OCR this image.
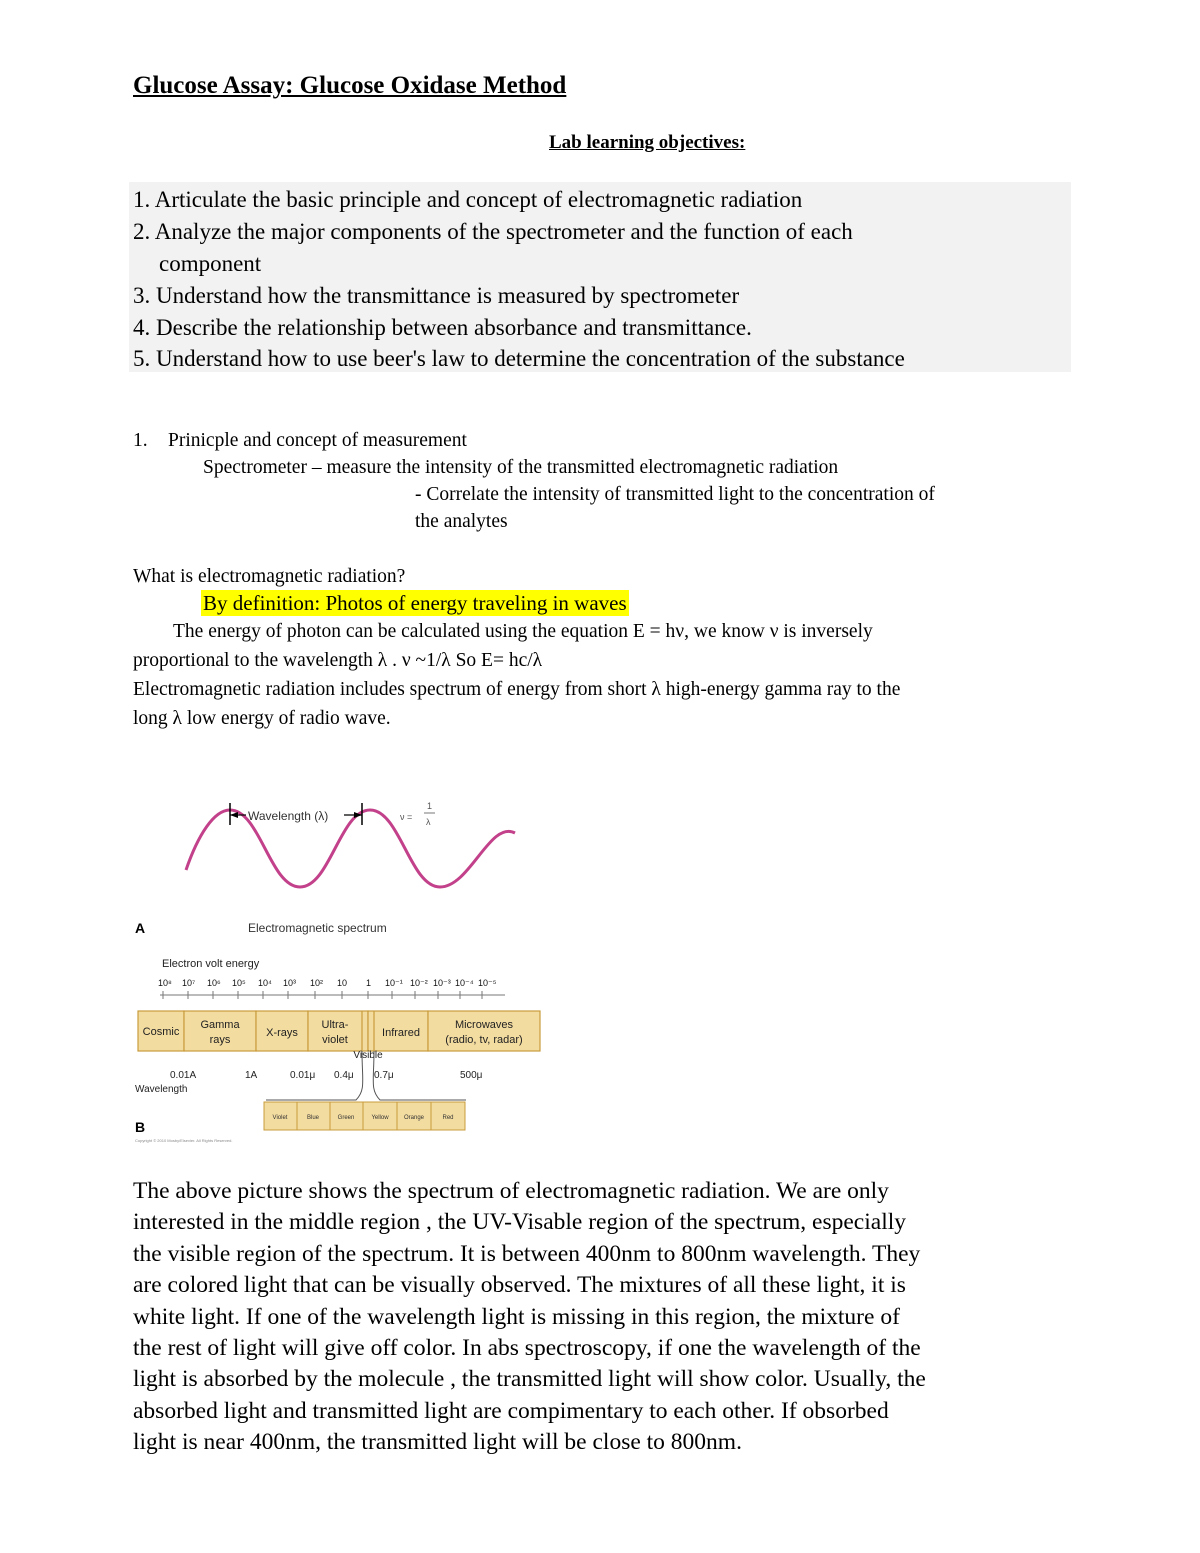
Glucose Assay: Glucose Oxidase Method
Lab learning objectives:
1. Articulate the basic principle and concept of electromagnetic radiation
2. Analyze the major components of the spectrometer and the function of each
component
3. Understand how the transmittance is measured by spectrometer
4. Describe the relationship between absorbance and transmittance.
5. Understand how to use beer's law to determine the concentration of the substance
1. Prinicple and concept of measurement
Spectrometer – measure the intensity of the transmitted electromagnetic radiation
- Correlate the intensity of transmitted light to the concentration of
the analytes
What is electromagnetic radiation?
By definition: Photos of energy traveling in waves
The energy of photon can be calculated using the equation E = hν, we know ν is inversely
proportional to the wavelength λ . ν ~1/λ So E= hc/λ
Electromagnetic radiation includes spectrum of energy from short λ high-energy gamma ray to the
long λ low energy of radio wave.
Wavelength (λ)	ν =
1
λ
A	Electromagnetic spectrum
Electron volt energy
10⁸ 10⁷ 10⁶ 10⁵ 10⁴ 10³ 10² 10 1 10⁻¹ 10⁻² 10⁻³ 10⁻⁴ 10⁻⁵
Cosmic
Gamma
rays
X-rays
Ultra-
violet
Infrared
Microwaves
(radio, tv, radar)
Visible
0.01A	1A	0.01μ 0.4μ 0.7μ	500μ
Wavelength
Violet	Blue	Green	Yellow	Orange	Red
B
Copyright © 2010 Mosby/Elsevier. All Rights Reserved.
The above picture shows the spectrum of electromagnetic radiation. We are only
interested in the middle region , the UV-Visable region of the spectrum, especially
the visible region of the spectrum. It is between 400nm to 800nm wavelength. They
are colored light that can be visually observed. The mixtures of all these light, it is
white light. If one of the wavelength light is missing in this region, the mixture of
the rest of light will give off color. In abs spectroscopy, if one the wavelength of the
light is absorbed by the molecule , the transmitted light will show color. Usually, the
absorbed light and transmitted light are compimentary to each other. If obsorbed
light is near 400nm, the transmitted light will be close to 800nm.
